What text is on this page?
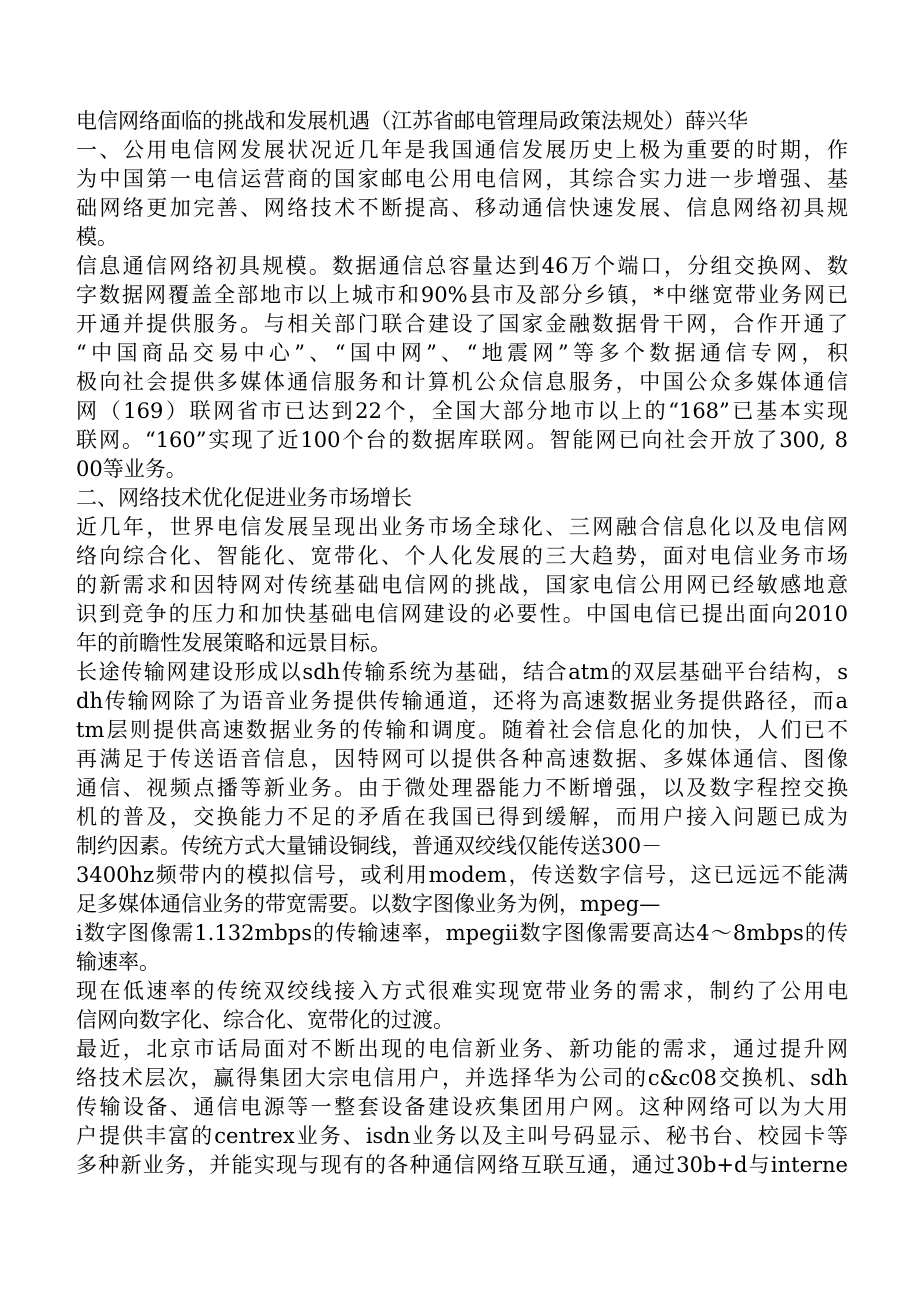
电信网络面临的挑战和发展机遇（江苏省邮电管理局政策法规处）薛兴华
一、公用电信网发展状况近几年是我国通信发展历史上极为重要的时期，作
为中国第一电信运营商的国家邮电公用电信网，其综合实力进一步增强、基
础网络更加完善、网络技术不断提高、移动通信快速发展、信息网络初具规
模。
信息通信网络初具规模。数据通信总容量达到46万个端口，分组交换网、数
字数据网覆盖全部地市以上城市和90%县市及部分乡镇，*中继宽带业务网已
开通并提供服务。与相关部门联合建设了国家金融数据骨干网，合作开通了
“中国商品交易中心”、“国中网”、“地震网”等多个数据通信专网，积
极向社会提供多媒体通信服务和计算机公众信息服务，中国公众多媒体通信
网（169）联网省市已达到22个，全国大部分地市以上的“168”已基本实现
联网。“160”实现了近100个台的数据库联网。智能网已向社会开放了300, 8
00等业务。
二、网络技术优化促进业务市场增长
近几年，世界电信发展呈现出业务市场全球化、三网融合信息化以及电信网
络向综合化、智能化、宽带化、个人化发展的三大趋势，面对电信业务市场
的新需求和因特网对传统基础电信网的挑战，国家电信公用网已经敏感地意
识到竞争的压力和加快基础电信网建设的必要性。中国电信已提出面向2010
年的前瞻性发展策略和远景目标。
长途传输网建设形成以sdh传输系统为基础，结合atm的双层基础平台结构，s
dh传输网除了为语音业务提供传输通道，还将为高速数据业务提供路径，而a
tm层则提供高速数据业务的传输和调度。随着社会信息化的加快，人们已不
再满足于传送语音信息，因特网可以提供各种高速数据、多媒体通信、图像
通信、视频点播等新业务。由于微处理器能力不断增强，以及数字程控交换
机的普及，交换能力不足的矛盾在我国已得到缓解，而用户接入问题已成为
制约因素。传统方式大量铺设铜线，普通双绞线仅能传送300－
3400hz频带内的模拟信号，或利用modem，传送数字信号，这已远远不能满
足多媒体通信业务的带宽需要。以数字图像业务为例，mpeg—
i数字图像需1.132mbps的传输速率，mpegii数字图像需要高达4～8mbps的传
输速率。
现在低速率的传统双绞线接入方式很难实现宽带业务的需求，制约了公用电
信网向数字化、综合化、宽带化的过渡。
最近，北京市话局面对不断出现的电信新业务、新功能的需求，通过提升网
络技术层次，赢得集团大宗电信用户，并选择华为公司的c&c08交换机、sdh
传输设备、通信电源等一整套设备建设疚集团用户网。这种网络可以为大用
户提供丰富的centrex业务、isdn业务以及主叫号码显示、秘书台、校园卡等
多种新业务，并能实现与现有的各种通信网络互联互通，通过30b+d与interne
